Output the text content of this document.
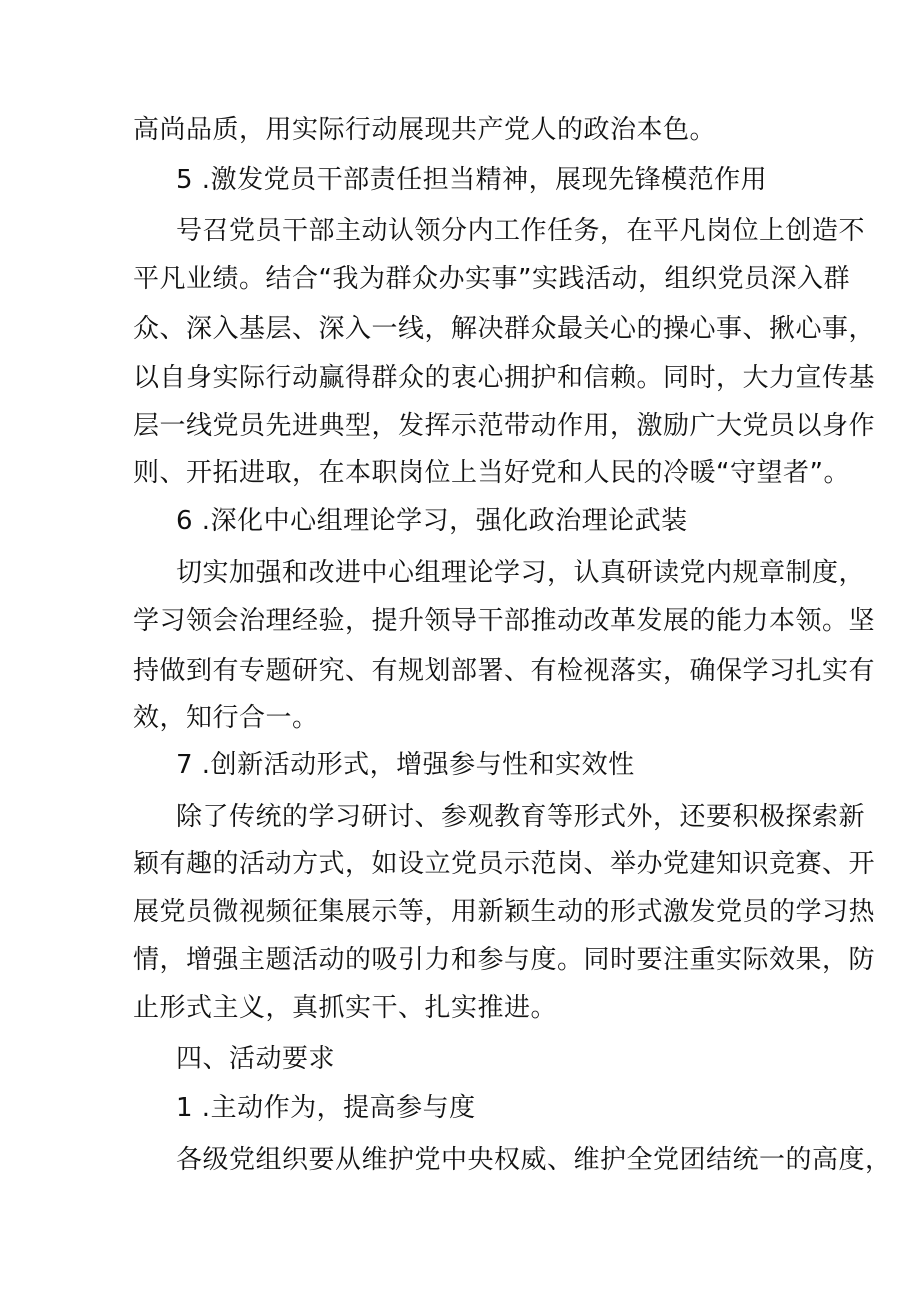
高尚品质，用实际行动展现共产党人的政治本色。
5 .激发党员干部责任担当精神，展现先锋模范作用
号召党员干部主动认领分内工作任务，在平凡岗位上创造不
平凡业绩。结合“我为群众办实事”实践活动，组织党员深入群
众、深入基层、深入一线，解决群众最关心的操心事、揪心事，
以自身实际行动赢得群众的衷心拥护和信赖。同时，大力宣传基
层一线党员先进典型，发挥示范带动作用，激励广大党员以身作
则、开拓进取，在本职岗位上当好党和人民的冷暖“守望者”。
6 .深化中心组理论学习，强化政治理论武装
切实加强和改进中心组理论学习，认真研读党内规章制度，
学习领会治理经验，提升领导干部推动改革发展的能力本领。坚
持做到有专题研究、有规划部署、有检视落实，确保学习扎实有
效，知行合一。
7 .创新活动形式，增强参与性和实效性
除了传统的学习研讨、参观教育等形式外，还要积极探索新
颖有趣的活动方式，如设立党员示范岗、举办党建知识竞赛、开
展党员微视频征集展示等，用新颖生动的形式激发党员的学习热
情，增强主题活动的吸引力和参与度。同时要注重实际效果，防
止形式主义，真抓实干、扎实推进。
四、活动要求
1 .主动作为，提高参与度
各级党组织要从维护党中央权威、维护全党团结统一的高度，
